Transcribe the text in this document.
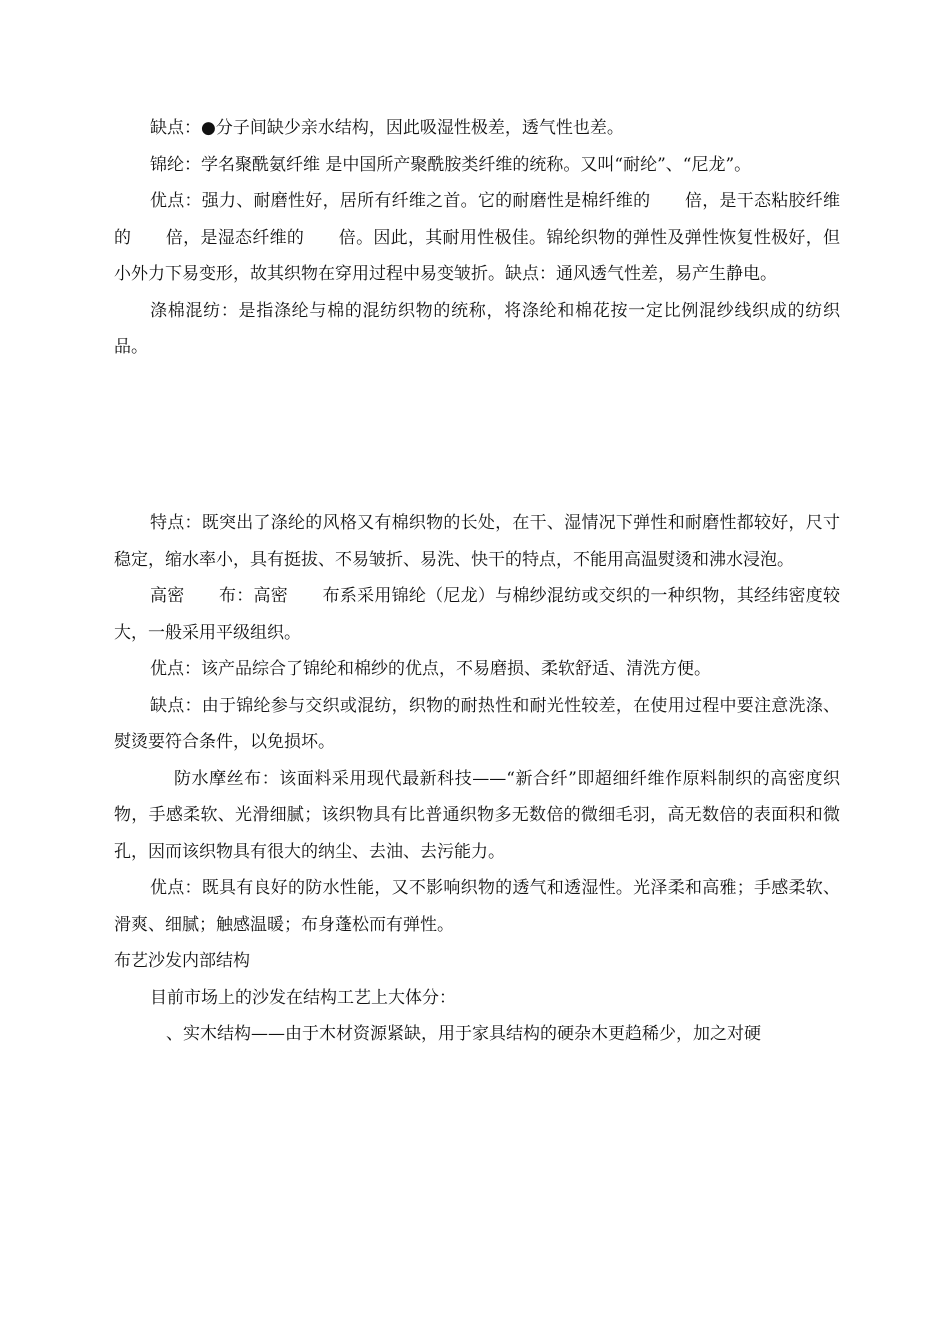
缺点：●分子间缺少亲水结构，因此吸湿性极差，透气性也差。

锦纶：学名聚酰氨纤维 是中国所产聚酰胺类纤维的统称。又叫“耐纶”、“尼龙”。

优点：强力、耐磨性好，居所有纤维之首。它的耐磨性是棉纤维的　　倍，是干态粘胶纤维的　　倍，是湿态纤维的　　倍。因此，其耐用性极佳。锦纶织物的弹性及弹性恢复性极好，但小外力下易变形，故其织物在穿用过程中易变皱折。缺点：通风透气性差，易产生静电。

涤棉混纺：是指涤纶与棉的混纺织物的统称，将涤纶和棉花按一定比例混纱线织成的纺织品。

特点：既突出了涤纶的风格又有棉织物的长处，在干、湿情况下弹性和耐磨性都较好，尺寸稳定，缩水率小，具有挺拔、不易皱折、易洗、快干的特点，不能用高温熨烫和沸水浸泡。

高密　　布：高密　　布系采用锦纶（尼龙）与棉纱混纺或交织的一种织物，其经纬密度较大，一般采用平级组织。

优点：该产品综合了锦纶和棉纱的优点，不易磨损、柔软舒适、清洗方便。

缺点：由于锦纶参与交织或混纺，织物的耐热性和耐光性较差，在使用过程中要注意洗涤、熨烫要符合条件，以免损坏。

防水摩丝布：该面料采用现代最新科技——“新合纤”即超细纤维作原料制织的高密度织物，手感柔软、光滑细腻；该织物具有比普通织物多无数倍的微细毛羽，高无数倍的表面积和微孔，因而该织物具有很大的纳尘、去油、去污能力。

优点：既具有良好的防水性能，又不影响织物的透气和透湿性。光泽柔和高雅；手感柔软、滑爽、细腻；触感温暖；布身蓬松而有弹性。

布艺沙发内部结构

目前市场上的沙发在结构工艺上大体分：

、实木结构——由于木材资源紧缺，用于家具结构的硬杂木更趋稀少，加之对硬
